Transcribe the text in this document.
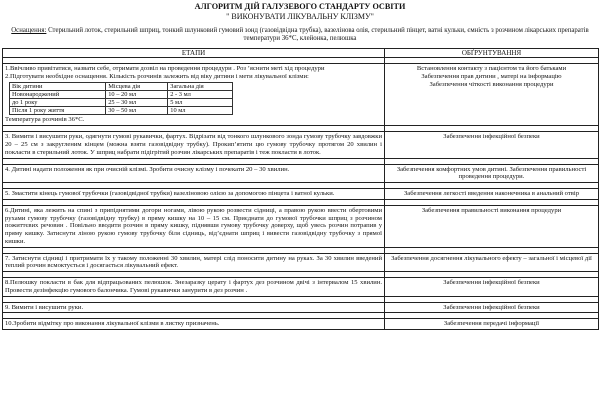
АЛГОРИТМ ДІЙ ГАЛУЗЕВОГО СТАНДАРТУ ОСВІТИ
" ВИКОНУВАТИ ЛІКУВАЛЬНУ КЛІЗМУ"
Оснащення: Стерильний лоток, стерильний шприц, тонкий шлунковий гумовий зонд (газовідвідна трубка), вазелінова олія, стерильний пінцет, ватні кульки, ємність з розчином лікарських препаратів температури 36*С, клейонка, пелюшка
ЕТАПИ	ОБҐРУНТУВАННЯ

1.Ввічливо привітатися, назвати себе, отримати дозвіл на проведення процедури . Роз ’яснити меті хід процедури
2.Підготувати необхідне оснащення. Кількість розчинів залежить від віку дитини і мети лікувальної клізми:
Вік дитини	Місцева дія	Загальна дія
Новонароджений	10 – 20 мл	2 - 3 мл
до 1 року	25 – 30 мл	5 мл
Після 1 року життя	30 – 50 мл	10 мл
Температура розчинів 36*С.

Встановлення контакту з пацієнтом та його батьками
Забезпечення прав дитини , матері на інформацію
Забезпечення чіткості виконання процедури

3. Вимити і висушити руки, одягнути гумові рукавички, фартух. Відрізати від тонкого шлункового зонда гумову трубочку завдовжки 20 – 25 см з закругленим кінцем (можна взяти газовідвідну трубку). Прокип’ятити цю гумову трубочку протягом 20 хвилин і покласти в стерильний лоток. У шприц набрати підігрітий розчин лікарських препаратів і теж покласти в лоток.	Забезпечення інфекційної безпеки

4. Дитині надати положення як при очисній клізмі. Зробити очисну клізму і почекати 20 – 30 хвилин.	Забезпечення комфортних умов дитині. Забезпечення правильності проведення процедури.

5. Змастити кінець гумової трубочки (газовідвідної трубки) вазеліновою олією за допомогою пінцета і ватної кульки.	Забезпечення легкості введення наконечника в анальний отвір

6.Дитині, яка лежить на спині з припіднятими догори ногами, лівою рукою розвести сідниці, а правою рукою ввести обертовими рухами гумову трубочку (газовідвідну трубку) в пряму кишку на 10 – 15 см. Приєднати до гумової трубочки шприц з розчином пожиттєвих речовин . Повільно вводити розчин в пряму кишку, піднявши гумову трубочку доверху, щоб увесь розчин потрапив у пряму кишку. Затиснути ліною рукою гумову трубочку біля сідниць, від’єднати шприц і вивести газовідвідну трубочку з прямої кишки.	Забезпечення правильності виконання процедури

7. Затиснути сідниці і притримати їх у такому положенні 30 хвилин, матері слід поносити дитину на руках. За 30 хвилин введений теплий розчин всмоктується і досягається лікувальний ефект.	Забезпечення досягнення лікувального ефекту – загальної і місцевої дії

8.Пелюшку покласти в бак для відпрацьованих пелюшок. Знезаразку церату і фартух дез розчином двічі з інтервалом 15 хвилин. Провести дезінфекцію гумового балончика. Гумові рукавички занурити в дез розчин .	Забезпечення інфекційної безпеки

9. Вимити і висушити руки.	Забезпечення інфекційної безпеки

10.Зробити відмітку про виконання лікувальної клізми в листку призначень.	Забезпечення передачі інформації
